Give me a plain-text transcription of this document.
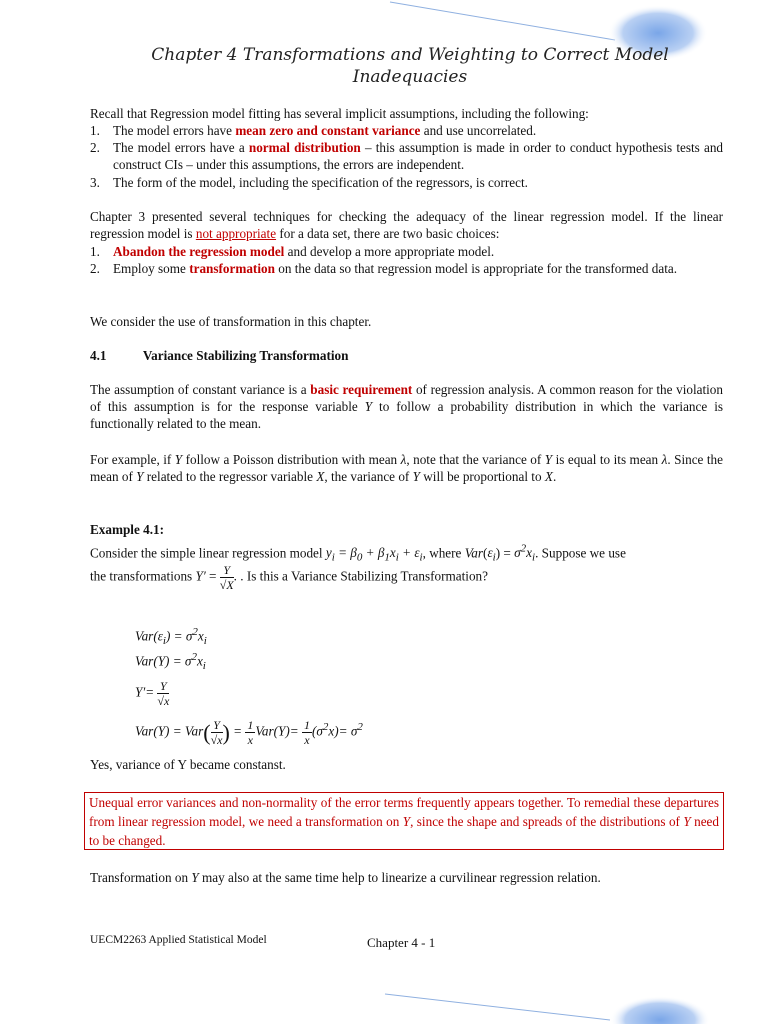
Chapter 4 Transformations and Weighting to Correct Model
Inadequacies
Recall that Regression model fitting has several implicit assumptions, including the following:
1. The model errors have mean zero and constant variance and use uncorrelated.
2. The model errors have a normal distribution – this assumption is made in order to conduct hypothesis tests and construct CIs – under this assumptions, the errors are independent.
3. The form of the model, including the specification of the regressors, is correct.
Chapter 3 presented several techniques for checking the adequacy of the linear regression model. If the linear regression model is not appropriate for a data set, there are two basic choices:
1. Abandon the regression model and develop a more appropriate model.
2. Employ some transformation on the data so that regression model is appropriate for the transformed data.
We consider the use of transformation in this chapter.
4.1	Variance Stabilizing Transformation
The assumption of constant variance is a basic requirement of regression analysis. A common reason for the violation of this assumption is for the response variable Y to follow a probability distribution in which the variance is functionally related to the mean.
For example, if Y follow a Poisson distribution with mean λ, note that the variance of Y is equal to its mean λ. Since the mean of Y related to the regressor variable X, the variance of Y will be proportional to X.
Example 4.1:
Consider the simple linear regression model $y_i = \beta_0 + \beta_1x_i + \varepsilon_i$, where $Var(\varepsilon_i) = \sigma^2x_i$. Suppose we use
the transformations $Y' = \frac{Y}{√X}$ . . Is this a Variance Stabilizing Transformation?
$Var(\varepsilon_i) = \sigma^2x_i$
$Var(Y) = \sigma^2x_i$
$Y'= \frac{Y}{√x}$
$Var(Y) = Var( \frac{Y}{√x}$ ) = $\frac{1}{x} Var(Y)= \frac{1}{x} (\sigma^2x)= \sigma^2$
Yes, variance of Y became constanst.
Unequal error variances and non-normality of the error terms frequently appears together. To remedial these departures from linear regression model, we need a transformation on Y, since the shape and spreads of the distributions of Y need to be changed.
Transformation on Y may also at the same time help to linearize a curvilinear regression relation.
UECM2263 Applied Statistical Model	Chapter 4 - 1
